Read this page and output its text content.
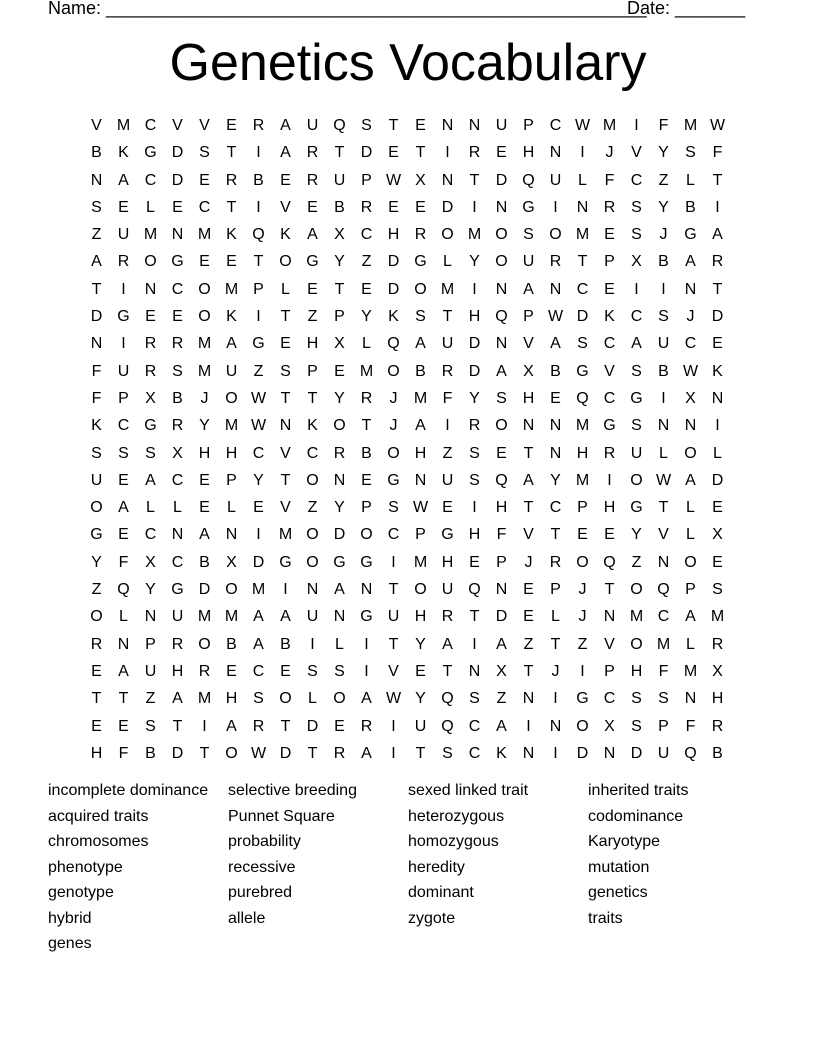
Name: ______________________________________________________
Date: _______
Genetics Vocabulary
V M C V	V	E R A U Q S	T	E N N U P C W M	I	F M W
B	K G D S	T	I	A R	T	D E	T	I	R E H N	I	J	V	Y	S	F
N A C D E R B	E R U P W X N	T	D Q U	L	F	C	Z	L	T
S	E	L	E C	T	I	V	E	B R E	E D	I	N G	I	N R S	Y	B	I
Z	U M N M K Q K	A	X C H R O M O S O M E	S	J	G A
A R O G E	E	T O G Y	Z	D G	L	Y O U R	T	P	X	B	A R
T	I	N C O M P	L	E	T	E D O M	I	N A N C E	I	I	N	T
D G E	E O K	I	T	Z	P	Y	K	S	T	H Q P W D K C S	J	D
N	I	R R M A G E H X	L	Q A U D N V	A	S C A U C E
F	U R S M U	Z	S	P	E M O B R D A	X	B G V	S	B W K
F	P	X	B	J	O W T	T	Y R	J	M F	Y	S H E Q C G	I	X N
K C G R Y M W N K O T	J	A	I	R O N N M G S N N	I
S	S	S	X H H C V C R B O H	Z	S	E	T	N H R U	L	O	L
U E	A C E	P	Y	T O N E G N U S Q A	Y M	I	O W A D
O A	L	L	E	L	E	V	Z	Y	P	S W E	I	H	T	C P H G T	L	E
G E C N A N	I	M O D O C P G H	F	V	T	E	E	Y	V	L	X
Y	F	X C B	X D G O G G	I	M H E	P	J	R O Q Z	N O E
Z Q Y G D O M	I	N A N	T O U Q N E	P	J	T O Q P	S
O	L	N U M M A	A U N G U H R	T	D E	L	J	N M C A M
R N P R O B	A	B	I	L	I	T	Y	A	I	A	Z	T	Z	V O M L	R
E	A U H R E C E	S	S	I	V	E	T	N X	T	J	I	P H	F M X
T	T	Z	A M H S O	L	O A W Y Q S	Z	N	I	G C S	S N H
E	E	S	T	I	A R	T	D E R	I	U Q C A	I	N O X	S	P	F	R
H	F	B D	T O W D	T	R A	I	T	S C K N	I	D N D U Q B
incomplete dominance	selective breeding	sexed linked trait	inherited traits
acquired traits	Punnet Square	heterozygous	codominance
chromosomes	probability	homozygous	Karyotype
phenotype	recessive	heredity	mutation
genotype	purebred	dominant	genetics
hybrid	allele	zygote	traits
genes
